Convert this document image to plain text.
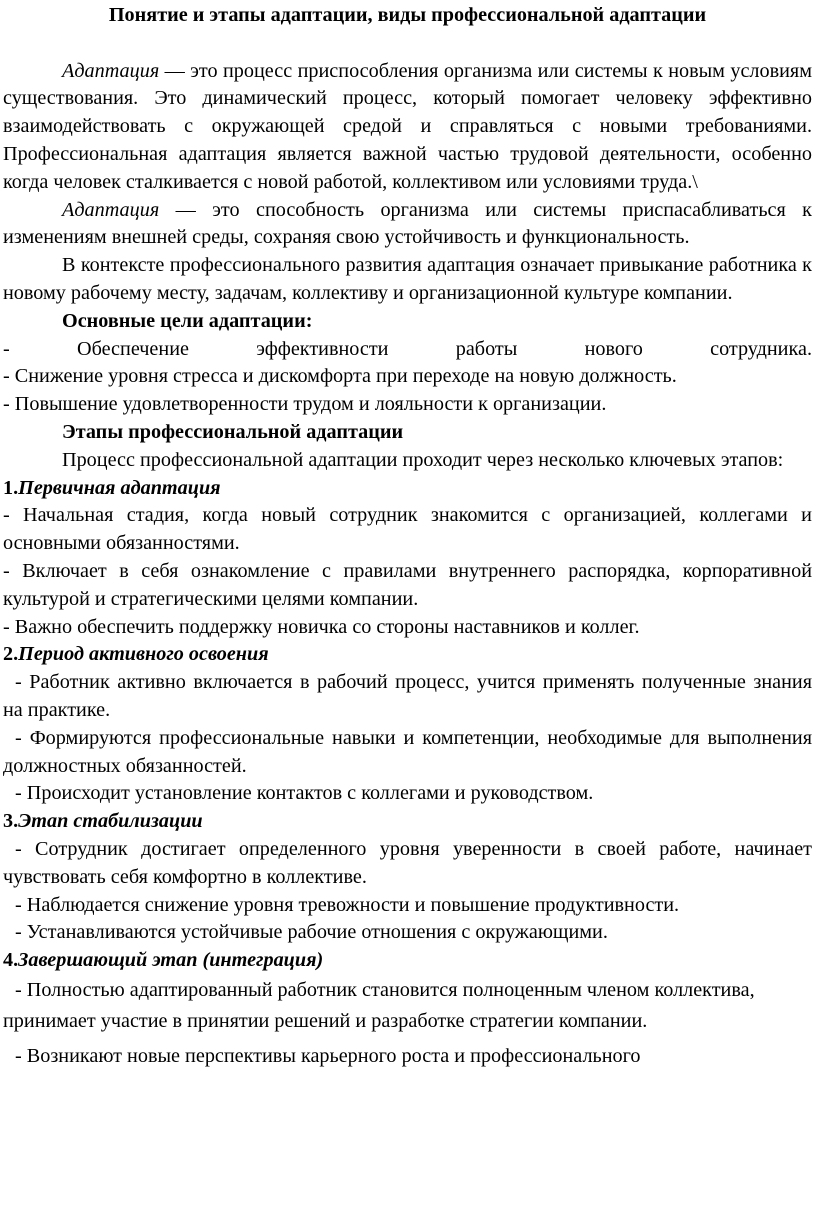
Понятие и этапы адаптации, виды профессиональной адаптации

Адаптация — это процесс приспособления организма или системы к новым условиям существования. Это динамический процесс, который помогает человеку эффективно взаимодействовать с окружающей средой и справляться с новыми требованиями. Профессиональная адаптация является важной частью трудовой деятельности, особенно когда человек сталкивается с новой работой, коллективом или условиями труда.\

Адаптация — это способность организма или системы приспасабливаться к изменениям внешней среды, сохраняя свою устойчивость и функциональность.

В контексте профессионального развития адаптация означает привыкание работника к новому рабочему месту, задачам, коллективу и организационной культуре компании.

Основные цели адаптации:

- Обеспечение эффективности работы нового сотрудника.

- Снижение уровня стресса и дискомфорта при переходе на новую должность.

- Повышение удовлетворенности трудом и лояльности к организации.

Этапы профессиональной адаптации

Процесс профессиональной адаптации проходит через несколько ключевых этапов:

1.Первичная адаптация

- Начальная стадия, когда новый сотрудник знакомится с организацией, коллегами и основными обязанностями.

- Включает в себя ознакомление с правилами внутреннего распорядка, корпоративной культурой и стратегическими целями компании.

- Важно обеспечить поддержку новичка со стороны наставников и коллег.

2.Период активного освоения

- Работник активно включается в рабочий процесс, учится применять полученные знания на практике.

- Формируются профессиональные навыки и компетенции, необходимые для выполнения должностных обязанностей.

- Происходит установление контактов с коллегами и руководством.

3.Этап стабилизации

- Сотрудник достигает определенного уровня уверенности в своей работе, начинает чувствовать себя комфортно в коллективе.

- Наблюдается снижение уровня тревожности и повышение продуктивности.

- Устанавливаются устойчивые рабочие отношения с окружающими.

4.Завершающий этап (интеграция)

- Полностью адаптированный работник становится полноценным членом коллектива, принимает участие в принятии решений и разработке стратегии компании.

- Возникают новые перспективы карьерного роста и профессионального
